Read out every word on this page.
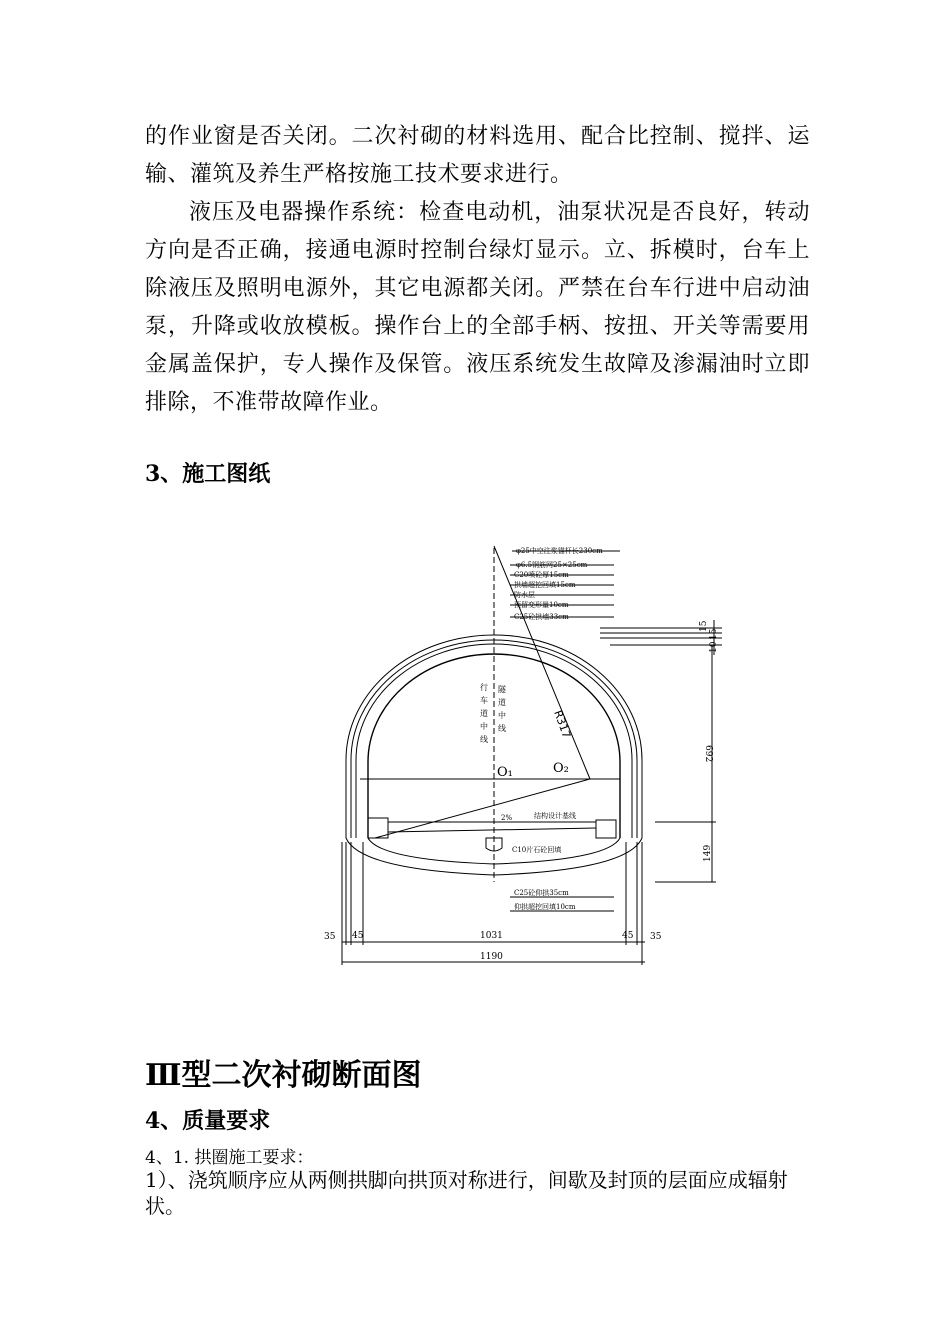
的作业窗是否关闭。二次衬砌的材料选用、配合比控制、搅拌、运输、灌筑及养生严格按施工技术要求进行。

液压及电器操作系统：检查电动机，油泵状况是否良好，转动方向是否正确，接通电源时控制台绿灯显示。立、拆模时，台车上除液压及照明电源外，其它电源都关闭。严禁在台车行进中启动油泵，升降或收放模板。操作台上的全部手柄、按扭、开关等需要用金属盖保护，专人操作及保管。液压系统发生故障及渗漏油时立即排除，不准带故障作业。

3、施工图纸
φ25中空注浆锚杆长230cm
φ6.5钢筋网25×25cm
C20喷砼厚15cm
拱墙超挖回填15cm
防水层
预留变形量10cm
C25砼拱墙33cm
15
15
10
692
149
行
车
道
中
线
隧
道
中
线	R317
O₁	O₂
2%	结构设计基线
C10片石砼回填
C25砼仰拱35cm
仰拱超挖回填10cm
35 45	1031	45 35
1190
Ⅲ型二次衬砌断面图
4、质量要求

4、1. 拱圈施工要求：

1）、浇筑顺序应从两侧拱脚向拱顶对称进行，间歇及封顶的层面应成辐射状。
